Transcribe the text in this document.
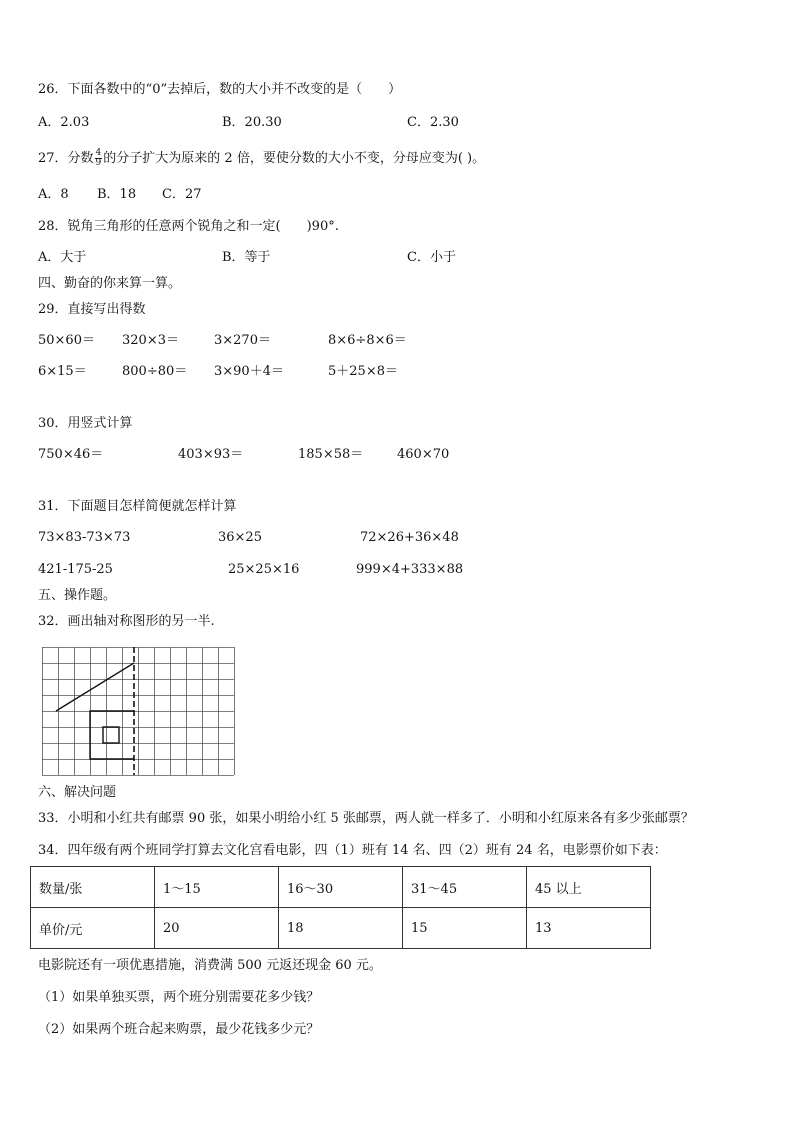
26．下面各数中的“0”去掉后，数的大小并不改变的是（　　）
A．2.03	B．20.30	C．2.30
27．分数 $\frac{4}{9}$ 的分子扩大为原来的 2 倍，要使分数的大小不变，分母应变为( )。
A．8 B．18 C．27
28．锐角三角形的任意两个锐角之和一定(　　)90°.
A．大于	B．等于	C．小于
四、勤奋的你来算一算。
29．直接写出得数
50×60＝ 320×3＝	3×270＝	8×6÷8×6＝
6×15＝	800÷80＝ 3×90＋4＝	5＋25×8＝
30．用竖式计算
750×46＝	403×93＝	185×58＝	460×70
31．下面题目怎样简便就怎样计算
73×83-73×73	36×25	72×26+36×48
421-175-25	25×25×16	999×4+333×88
五、操作题。
32．画出轴对称图形的另一半.
六、解决问题
33．小明和小红共有邮票 90 张，如果小明给小红 5 张邮票，两人就一样多了．小明和小红原来各有多少张邮票？
34．四年级有两个班同学打算去文化宫看电影，四（1）班有 14 名、四（2）班有 24 名，电影票价如下表：
数量/张	1～15	16～30	31～45	45 以上
单价/元	20	18	15	13
电影院还有一项优惠措施，消费满 500 元返还现金 60 元。
（1）如果单独买票，两个班分别需要花多少钱？
（2）如果两个班合起来购票，最少花钱多少元？
